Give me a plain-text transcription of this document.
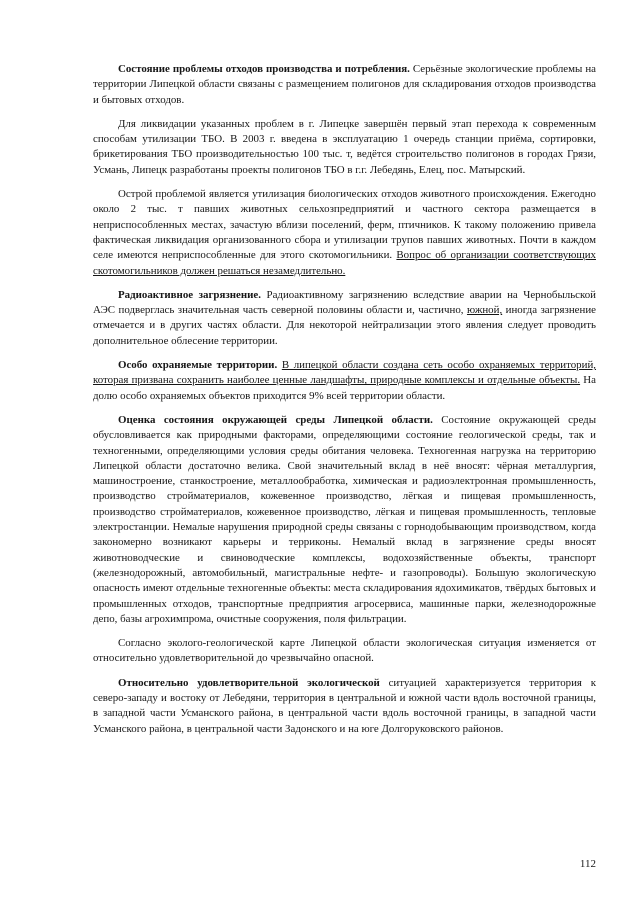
Состояние проблемы отходов производства и потребления. Серьёзные экологические проблемы на территории Липецкой области связаны с размещением полигонов для складирования отходов производства и бытовых отходов.

Для ликвидации указанных проблем в г. Липецке завершён первый этап перехода к современным способам утилизации ТБО. В 2003 г. введена в эксплуатацию 1 очередь станции приёма, сортировки, брикетирования ТБО производительностью 100 тыс. т, ведётся строительство полигонов в городах Грязи, Усмань, Липецк разработаны проекты полигонов ТБО в г.г. Лебедянь, Елец, пос. Матырский.

Острой проблемой является утилизация биологических отходов животного происхождения. Ежегодно около 2 тыс. т павших животных сельхозпредприятий и частного сектора размещается в неприспособленных местах, зачастую вблизи поселений, ферм, птичников. К такому положению привела фактическая ликвидация организованного сбора и утилизации трупов павших животных. Почти в каждом селе имеются неприспособленные для этого скотомогильники. Вопрос об организации соответствующих скотомогильников должен решаться незамедлительно.

Радиоактивное загрязнение. Радиоактивному загрязнению вследствие аварии на Чернобыльской АЭС подверглась значительная часть северной половины области и, частично, южной, иногда загрязнение отмечается и в других частях области. Для некоторой нейтрализации этого явления следует проводить дополнительное облесение территории.

Особо охраняемые территории. В липецкой области создана сеть особо охраняемых территорий, которая призвана сохранить наиболее ценные ландшафты, природные комплексы и отдельные объекты. На долю особо охраняемых объектов приходится 9% всей территории области.

Оценка состояния окружающей среды Липецкой области. Состояние окружающей среды обусловливается как природными факторами, определяющими состояние геологической среды, так и техногенными, определяющими условия среды обитания человека. Техногенная нагрузка на территорию Липецкой области достаточно велика. Свой значительный вклад в неё вносят: чёрная металлургия, машиностроение, станкостроение, металлообработка, химическая и радиоэлектронная промышленность, производство стройматериалов, кожевенное производство, лёгкая и пищевая промышленность, производство стройматериалов, кожевенное производство, лёгкая и пищевая промышленность, тепловые электростанции. Немалые нарушения природной среды связаны с горнодобывающим производством, когда закономерно возникают карьеры и терриконы. Немалый вклад в загрязнение среды вносят животноводческие и свиноводческие комплексы, водохозяйственные объекты, транспорт (железнодорожный, автомобильный, магистральные нефте- и газопроводы). Большую экологическую опасность имеют отдельные техногенные объекты: места складирования ядохимикатов, твёрдых бытовых и промышленных отходов, транспортные предприятия агросервиса, машинные парки, железнодорожные депо, базы агрохимпрома, очистные сооружения, поля фильтрации.

Согласно эколого-геологической карте Липецкой области экологическая ситуация изменяется от относительно удовлетворительной до чрезвычайно опасной.

Относительно удовлетворительной экологической ситуацией характеризуется территория к северо-западу и востоку от Лебедяни, территория в центральной и южной части вдоль восточной границы, в западной части Усманского района, в центральной части вдоль восточной границы, в западной части Усманского района, в центральной части Задонского и на юге Долгоруковского районов.

112
